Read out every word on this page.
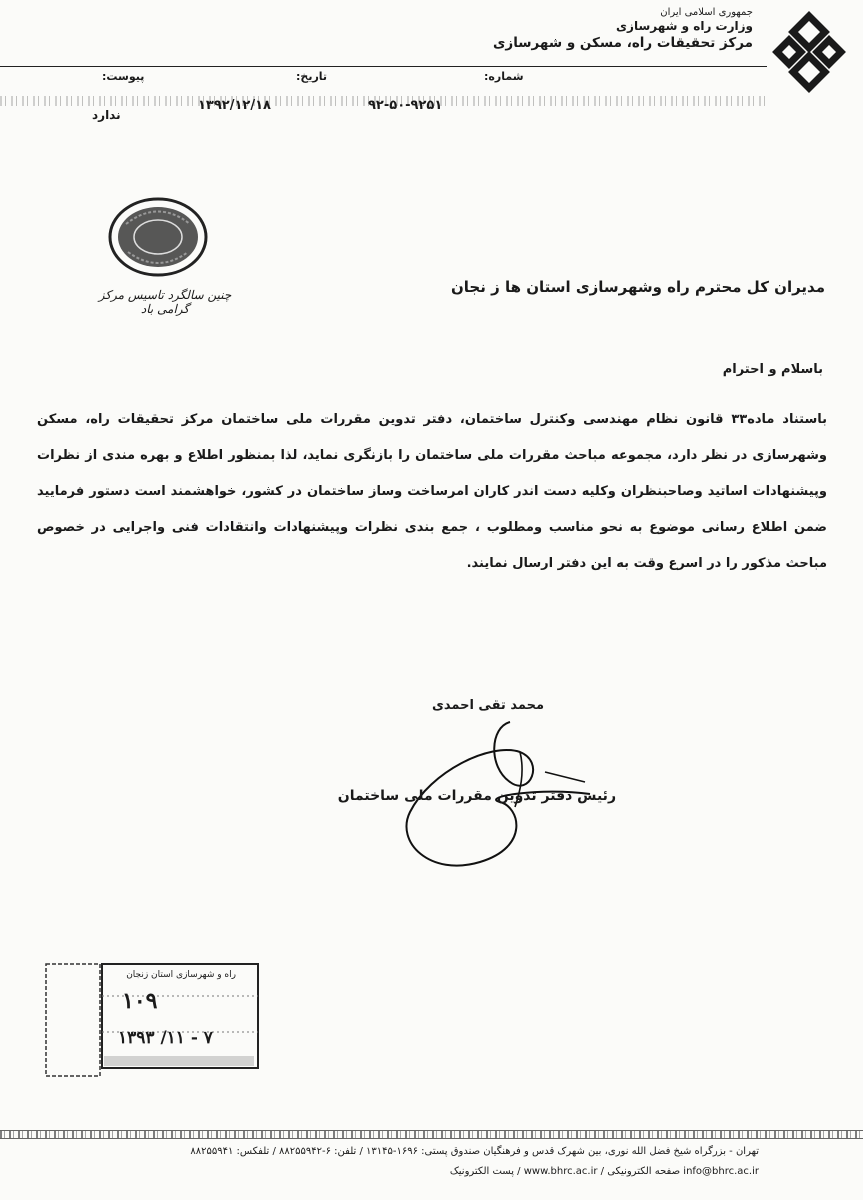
جمهوری اسلامی ایران
وزارت راه و شهرسازی
مرکز تحقیقات راه، مسکن و شهرسازی
شماره:
تاریخ:
پیوست:
۹۲-۵۰-۹۲۵۱
۱۳۹۲/۱۲/۱۸
ندارد
چنین سالگرد تاسیس مرکز گرامی باد
مدیران کل محترم راه وشهرسازی استان ها ز نجان
باسلام و احترام
باستناد ماده۳۳ قانون نظام مهندسی وکنترل ساختمان، دفتر تدوین مقررات ملی ساختمان مرکز تحقیقات راه، مسکن وشهرسازی در نظر دارد، مجموعه مباحث مقررات ملی ساختمان را بازنگری نماید، لذا بمنظور اطلاع و بهره مندی از نظرات وپیشنهادات اساتید وصاحبنظران وکلیه دست اندر کاران امرساخت وساز ساختمان در کشور، خواهشمند است دستور فرمایید ضمن اطلاع رسانی موضوع به نحو مناسب ومطلوب ، جمع بندی نظرات وپیشنهادات وانتقادات فنی واجرایی در خصوص مباحث مذکور را در اسرع وقت به این دفتر ارسال نمایند.
محمد تقی احمدی
رئیس دفتر تدوین مقررات ملی ساختمان
راه و شهرسازی استان زنجان
۱۰۹
۱۳۹۳ /۱۱ - ۷
تهران - بزرگراه شیخ فضل الله نوری، بین شهرک قدس و فرهنگیان صندوق پستی: ۱۶۹۶-۱۳۱۴۵ / تلفن: ۶-۸۸۲۵۵۹۴۲ / تلفکس: ۸۸۲۵۵۹۴۱
info@bhrc.ac.ir صفحه الکترونیکی / www.bhrc.ac.ir / پست الکترونیک
